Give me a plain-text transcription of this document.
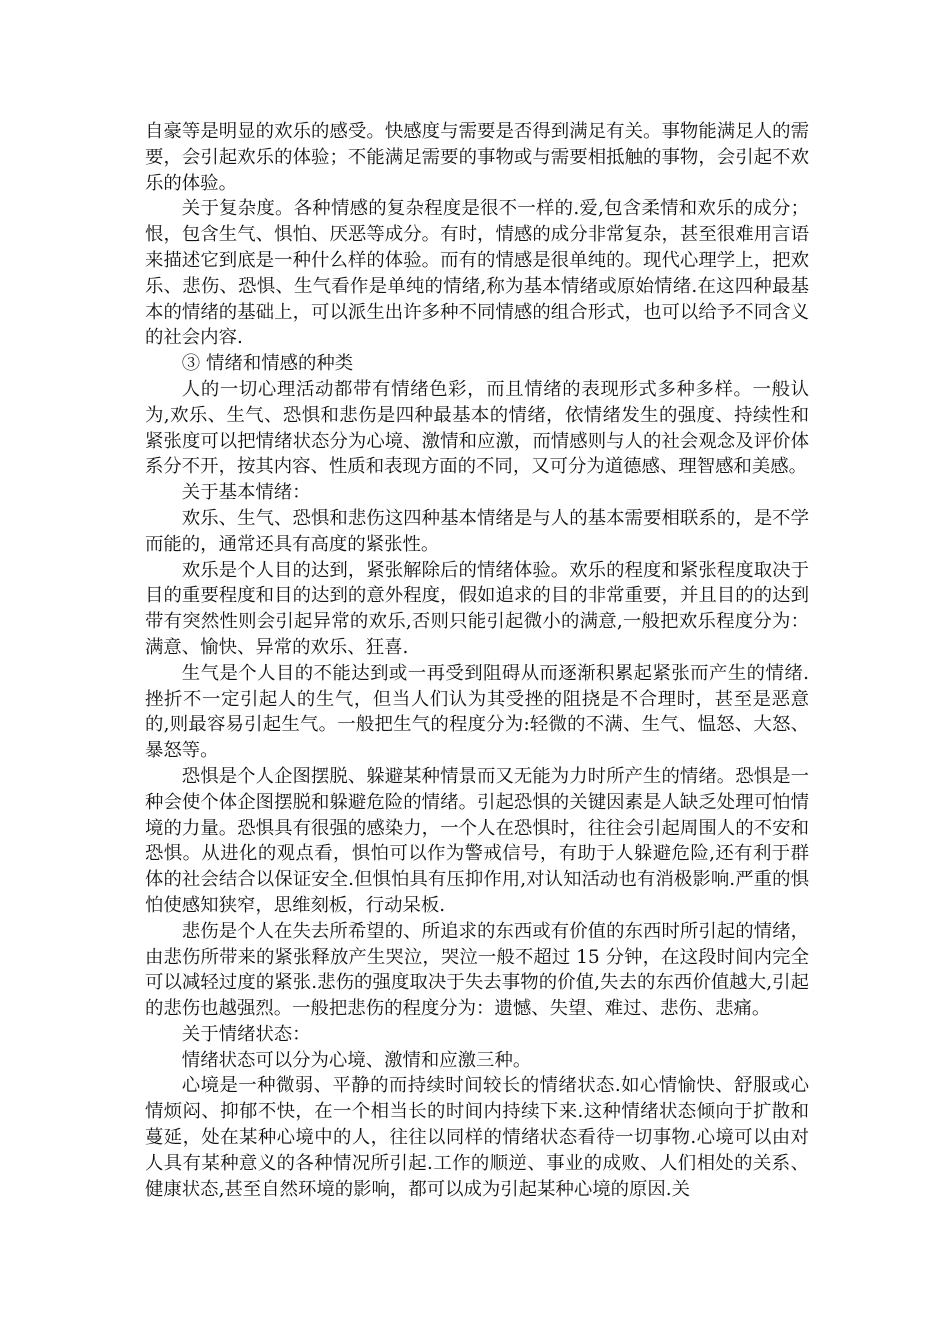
自豪等是明显的欢乐的感受。快感度与需要是否得到满足有关。事物能满足人的需要，会引起欢乐的体验；不能满足需要的事物或与需要相抵触的事物，会引起不欢乐的体验。

关于复杂度。各种情感的复杂程度是很不一样的.爱,包含柔情和欢乐的成分；恨，包含生气、惧怕、厌恶等成分。有时，情感的成分非常复杂，甚至很难用言语来描述它到底是一种什么样的体验。而有的情感是很单纯的。现代心理学上，把欢乐、悲伤、恐惧、生气看作是单纯的情绪,称为基本情绪或原始情绪.在这四种最基本的情绪的基础上，可以派生出许多种不同情感的组合形式，也可以给予不同含义的社会内容.

③ 情绪和情感的种类

人的一切心理活动都带有情绪色彩，而且情绪的表现形式多种多样。一般认为,欢乐、生气、恐惧和悲伤是四种最基本的情绪，依情绪发生的强度、持续性和紧张度可以把情绪状态分为心境、激情和应激，而情感则与人的社会观念及评价体系分不开，按其内容、性质和表现方面的不同，又可分为道德感、理智感和美感。

关于基本情绪：

欢乐、生气、恐惧和悲伤这四种基本情绪是与人的基本需要相联系的，是不学而能的，通常还具有高度的紧张性。

欢乐是个人目的达到，紧张解除后的情绪体验。欢乐的程度和紧张程度取决于目的重要程度和目的达到的意外程度，假如追求的目的非常重要，并且目的的达到带有突然性则会引起异常的欢乐,否则只能引起微小的满意,一般把欢乐程度分为：满意、愉快、异常的欢乐、狂喜.

生气是个人目的不能达到或一再受到阻碍从而逐渐积累起紧张而产生的情绪.挫折不一定引起人的生气，但当人们认为其受挫的阻挠是不合理时，甚至是恶意的,则最容易引起生气。一般把生气的程度分为:轻微的不满、生气、愠怒、大怒、暴怒等。

恐惧是个人企图摆脱、躲避某种情景而又无能为力时所产生的情绪。恐惧是一种会使个体企图摆脱和躲避危险的情绪。引起恐惧的关键因素是人缺乏处理可怕情境的力量。恐惧具有很强的感染力，一个人在恐惧时，往往会引起周围人的不安和恐惧。从进化的观点看，惧怕可以作为警戒信号，有助于人躲避危险,还有利于群体的社会结合以保证安全.但惧怕具有压抑作用,对认知活动也有消极影响.严重的惧怕使感知狭窄，思维刻板，行动呆板.

悲伤是个人在失去所希望的、所追求的东西或有价值的东西时所引起的情绪，由悲伤所带来的紧张释放产生哭泣，哭泣一般不超过 15 分钟，在这段时间内完全可以减轻过度的紧张.悲伤的强度取决于失去事物的价值,失去的东西价值越大,引起的悲伤也越强烈。一般把悲伤的程度分为：遗憾、失望、难过、悲伤、悲痛。

关于情绪状态：

情绪状态可以分为心境、激情和应激三种。

心境是一种微弱、平静的而持续时间较长的情绪状态.如心情愉快、舒服或心情烦闷、抑郁不快，在一个相当长的时间内持续下来.这种情绪状态倾向于扩散和蔓延，处在某种心境中的人，往往以同样的情绪状态看待一切事物.心境可以由对人具有某种意义的各种情况所引起.工作的顺逆、事业的成败、人们相处的关系、健康状态,甚至自然环境的影响，都可以成为引起某种心境的原因.关
